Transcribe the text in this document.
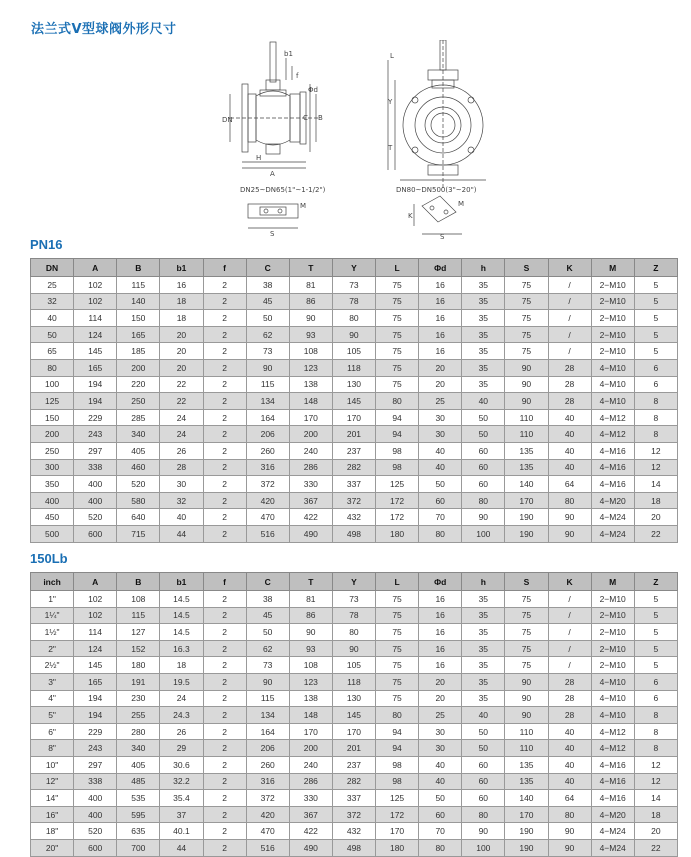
法兰式V型球阀外形尺寸
DN
A
H
B
C
Φd
b1
f
L
Y
T
S	S
K
M	M
DN25~DN65(1"~1-1/2")	DN80~DN500(3"~20")
PN16
DN	A	B	b1	f	C	T	Y	L	Φd	h	S	K	M	Z
25	102	115	16	2	38	81	73	75	16	35	75	/	2−M10	5
32	102	140	18	2	45	86	78	75	16	35	75	/	2−M10	5
40	114	150	18	2	50	90	80	75	16	35	75	/	2−M10	5
50	124	165	20	2	62	93	90	75	16	35	75	/	2−M10	5
65	145	185	20	2	73	108	105	75	16	35	75	/	2−M10	5
80	165	200	20	2	90	123	118	75	20	35	90	28	4−M10	6
100	194	220	22	2	115	138	130	75	20	35	90	28	4−M10	6
125	194	250	22	2	134	148	145	80	25	40	90	28	4−M10	8
150	229	285	24	2	164	170	170	94	30	50	110	40	4−M12	8
200	243	340	24	2	206	200	201	94	30	50	110	40	4−M12	8
250	297	405	26	2	260	240	237	98	40	60	135	40	4−M16	12
300	338	460	28	2	316	286	282	98	40	60	135	40	4−M16	12
350	400	520	30	2	372	330	337	125	50	60	140	64	4−M16	14
400	400	580	32	2	420	367	372	172	60	80	170	80	4−M20	18
450	520	640	40	2	470	422	432	172	70	90	190	90	4−M24	20
500	600	715	44	2	516	490	498	180	80	100	190	90	4−M24	22
150Lb
inch	A	B	b1	f	C	T	Y	L	Φd	h	S	K	M	Z
1"	102	108	14.5	2	38	81	73	75	16	35	75	/	2−M10	5
1¼"	102	115	14.5	2	45	86	78	75	16	35	75	/	2−M10	5
1½"	114	127	14.5	2	50	90	80	75	16	35	75	/	2−M10	5
2"	124	152	16.3	2	62	93	90	75	16	35	75	/	2−M10	5
2½"	145	180	18	2	73	108	105	75	16	35	75	/	2−M10	5
3"	165	191	19.5	2	90	123	118	75	20	35	90	28	4−M10	6
4"	194	230	24	2	115	138	130	75	20	35	90	28	4−M10	6
5"	194	255	24.3	2	134	148	145	80	25	40	90	28	4−M10	8
6"	229	280	26	2	164	170	170	94	30	50	110	40	4−M12	8
8"	243	340	29	2	206	200	201	94	30	50	110	40	4−M12	8
10"	297	405	30.6	2	260	240	237	98	40	60	135	40	4−M16	12
12"	338	485	32.2	2	316	286	282	98	40	60	135	40	4−M16	12
14"	400	535	35.4	2	372	330	337	125	50	60	140	64	4−M16	14
16"	400	595	37	2	420	367	372	172	60	80	170	80	4−M20	18
18"	520	635	40.1	2	470	422	432	170	70	90	190	90	4−M24	20
20"	600	700	44	2	516	490	498	180	80	100	190	90	4−M24	22
